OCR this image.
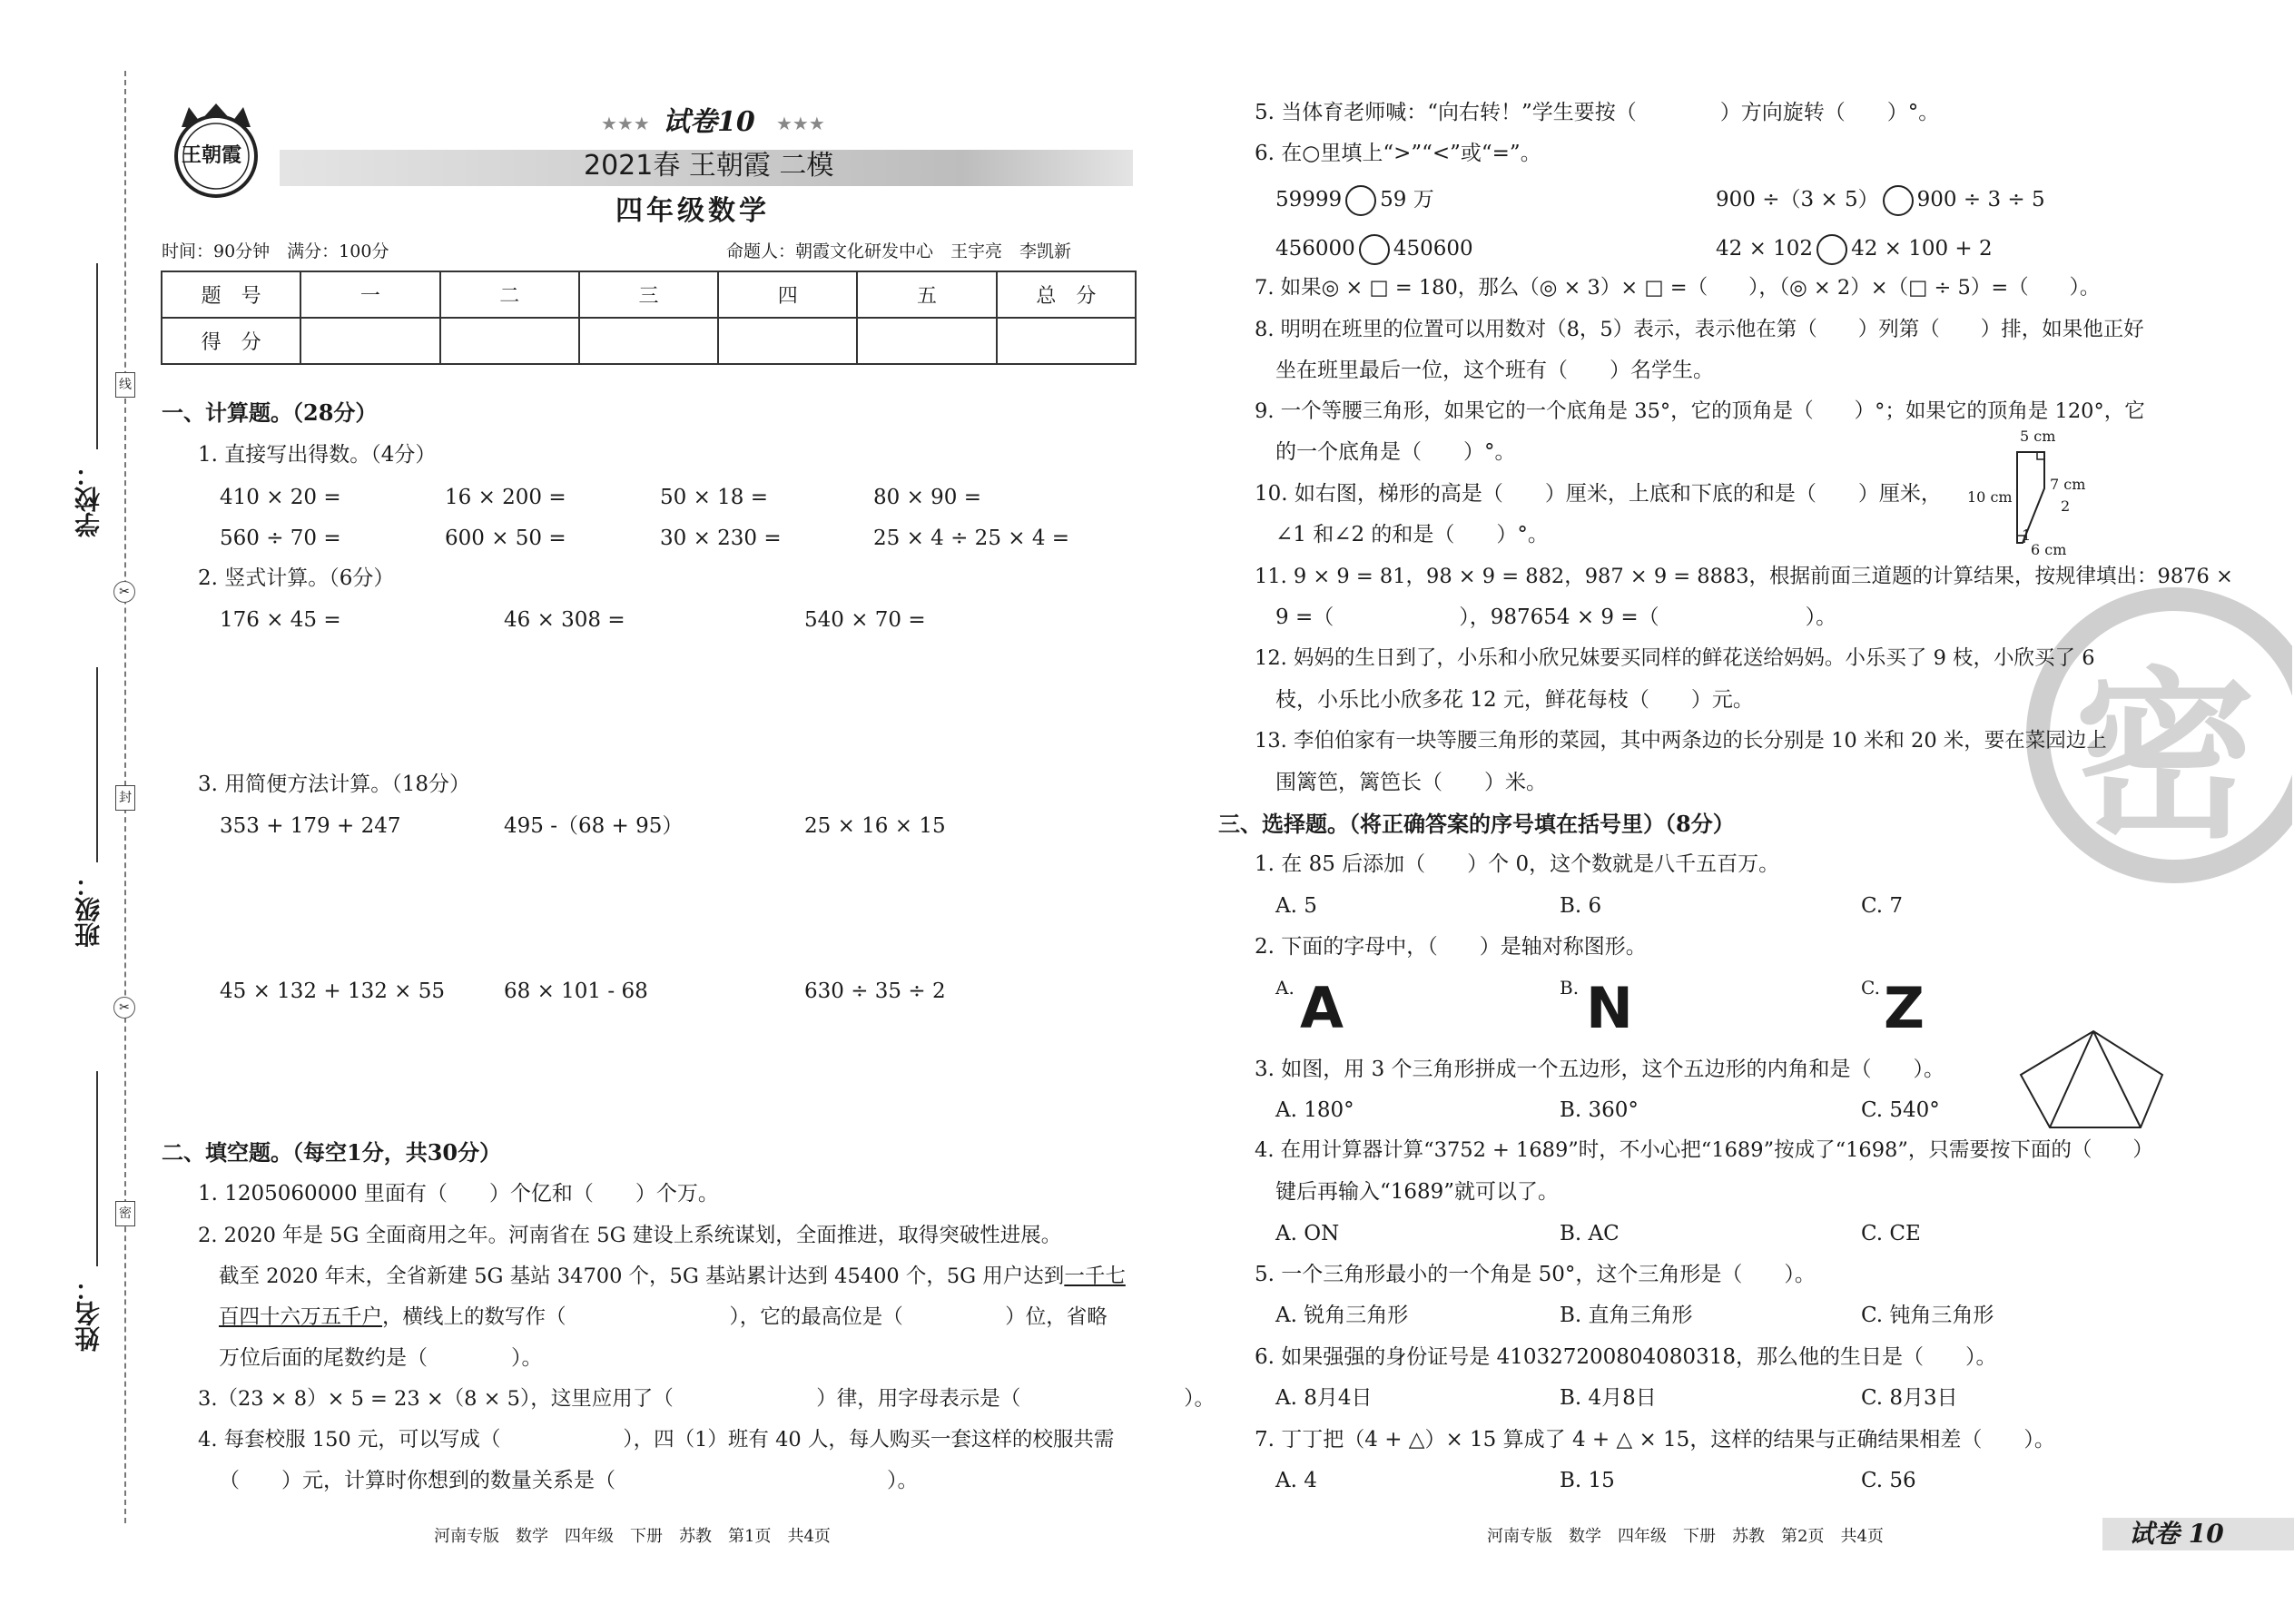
线
✂
封
✂
密
学校：
班级：
姓名：
王朝霞
★★★ 试卷10 ★★★
2021春 王朝霞 二模
四年级数学
时间：90分钟　满分：100分	命题人：朝霞文化研发中心　王宇亮　李凯新
题　号	一	二	三	四	五	总　分
得　分						
一、计算题。（28分）
1. 直接写出得数。（4分）
410 × 20 =	16 × 200 =	50 × 18 =	80 × 90 =
560 ÷ 70 =	600 × 50 =	30 × 230 =	25 × 4 ÷ 25 × 4 =
2. 竖式计算。（6分）
176 × 45 =	46 × 308 =	540 × 70 =
3. 用简便方法计算。（18分）
353 + 179 + 247	495 -（68 + 95）	25 × 16 × 15
45 × 132 + 132 × 55	68 × 101 - 68	630 ÷ 35 ÷ 2
二、填空题。（每空1分，共30分）
1. 1205060000 里面有（　　）个亿和（　　）个万。
2. 2020 年是 5G 全面商用之年。河南省在 5G 建设上系统谋划，全面推进，取得突破性进展。
截至 2020 年末，全省新建 5G 基站 34700 个，5G 基站累计达到 45400 个，5G 用户达到一千七
百四十六万五千户，横线上的数写作（　　　　　　　　），它的最高位是（　　　　　）位，省略
万位后面的尾数约是（　　　　）。
3.（23 × 8）× 5 = 23 ×（8 × 5），这里应用了（　　　　　　　）律，用字母表示是（　　　　　　　　）。
4. 每套校服 150 元，可以写成（　　　　　　），四（1）班有 40 人，每人购买一套这样的校服共需
（　　）元，计算时你想到的数量关系是（　　　　　　　　　　　　　）。
河南专版　数学　四年级　下册　苏教　第1页　共4页
密
5. 当体育老师喊：“向右转！”学生要按（　　　　）方向旋转（　　）°。
6. 在○里填上“>”“<”或“=”。
59999 59 万	900 ÷（3 × 5） 900 ÷ 3 ÷ 5
456000 450600	42 × 102 42 × 100 + 2
7. 如果◎ × □ = 180，那么（◎ × 3）× □ =（　　），（◎ × 2）×（□ ÷ 5）=（　　）。
8. 明明在班里的位置可以用数对（8，5）表示，表示他在第（　　）列第（　　）排，如果他正好
坐在班里最后一位，这个班有（　　）名学生。
9. 一个等腰三角形，如果它的一个底角是 35°，它的顶角是（　　）°；如果它的顶角是 120°，它
的一个底角是（　　）°。
10. 如右图，梯形的高是（　　）厘米，上底和下底的和是（　　）厘米，
∠1 和∠2 的和是（　　）°。
5 cm
7 cm
10 cm
6 cm
1
2
11. 9 × 9 = 81，98 × 9 = 882，987 × 9 = 8883，根据前面三道题的计算结果，按规律填出：9876 ×
9 =（　　　　　　），987654 × 9 =（　　　　　　　）。
12. 妈妈的生日到了，小乐和小欣兄妹要买同样的鲜花送给妈妈。小乐买了 9 枝，小欣买了 6
枝，小乐比小欣多花 12 元，鲜花每枝（　　）元。
13. 李伯伯家有一块等腰三角形的菜园，其中两条边的长分别是 10 米和 20 米，要在菜园边上
围篱笆，篱笆长（　　）米。
三、选择题。（将正确答案的序号填在括号里）（8分）
1. 在 85 后添加（　　）个 0，这个数就是八千五百万。
A. 5	B. 6	C. 7
2. 下面的字母中，（　　）是轴对称图形。
A. A	B. N	C. Z
3. 如图，用 3 个三角形拼成一个五边形，这个五边形的内角和是（　　）。
A. 180°	B. 360°	C. 540°
4. 在用计算器计算“3752 + 1689”时，不小心把“1689”按成了“1698”，只需要按下面的（　　）
键后再输入“1689”就可以了。
A. ON	B. AC	C. CE
5. 一个三角形最小的一个角是 50°，这个三角形是（　　）。
A. 锐角三角形	B. 直角三角形	C. 钝角三角形
6. 如果强强的身份证号是 410327200804080318，那么他的生日是（　　）。
A. 8月4日	B. 4月8日	C. 8月3日
7. 丁丁把（4 + △）× 15 算成了 4 + △ × 15，这样的结果与正确结果相差（　　）。
A. 4	B. 15	C. 56
河南专版　数学　四年级　下册　苏教　第2页　共4页	试卷 10
